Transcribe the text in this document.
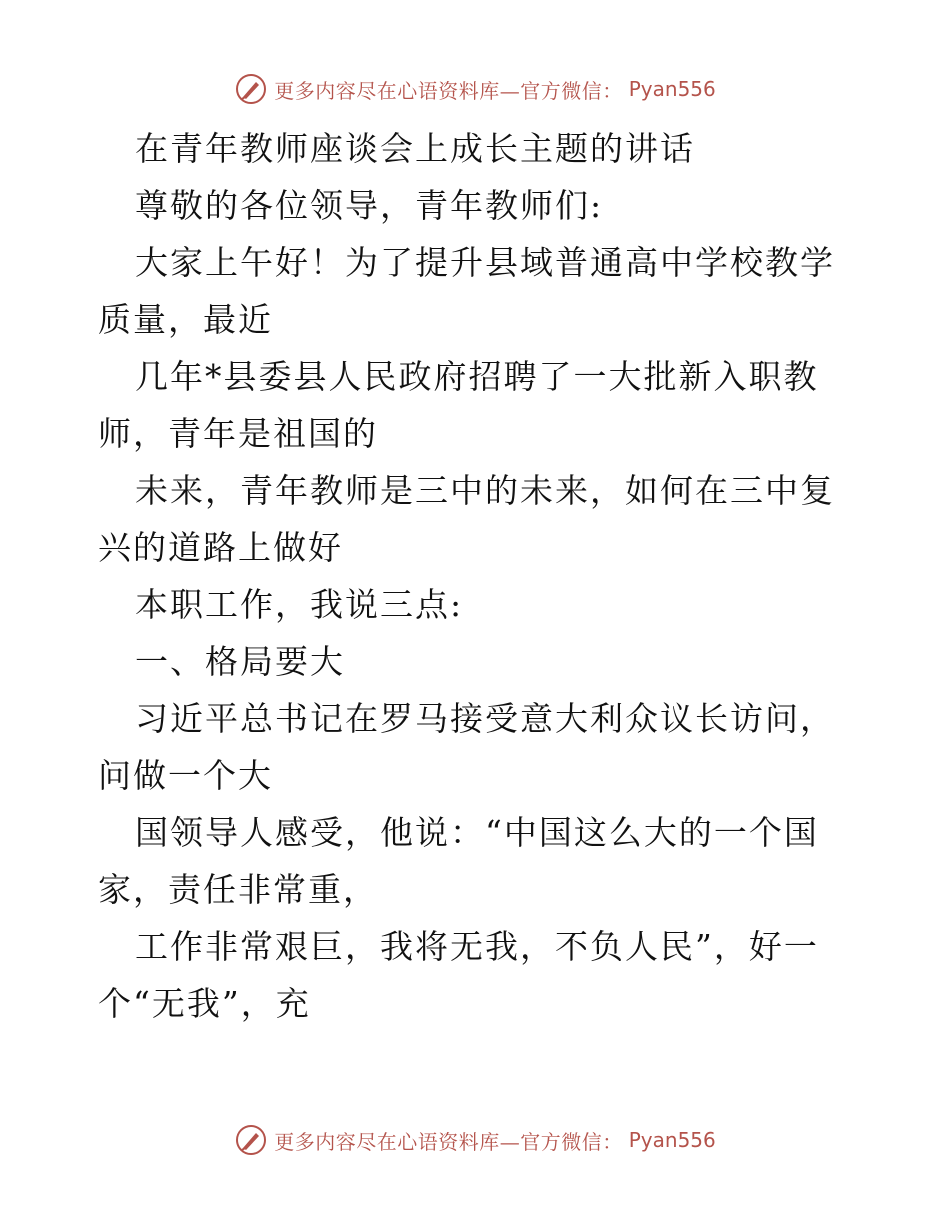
更多内容尽在心语资料库—官方微信： Pyan556

在青年教师座谈会上成长主题的讲话

尊敬的各位领导，青年教师们:

大家上午好！为了提升县域普通高中学校教学质量，最近

几年*县委县人民政府招聘了一大批新入职教师，青年是祖国的

未来，青年教师是三中的未来，如何在三中复兴的道路上做好

本职工作，我说三点:

一、格局要大

习近平总书记在罗马接受意大利众议长访问，问做一个大

国领导人感受，他说：“中国这么大的一个国家，责任非常重，

工作非常艰巨，我将无我，不负人民”，好一个“无我”，充

更多内容尽在心语资料库—官方微信： Pyan556
